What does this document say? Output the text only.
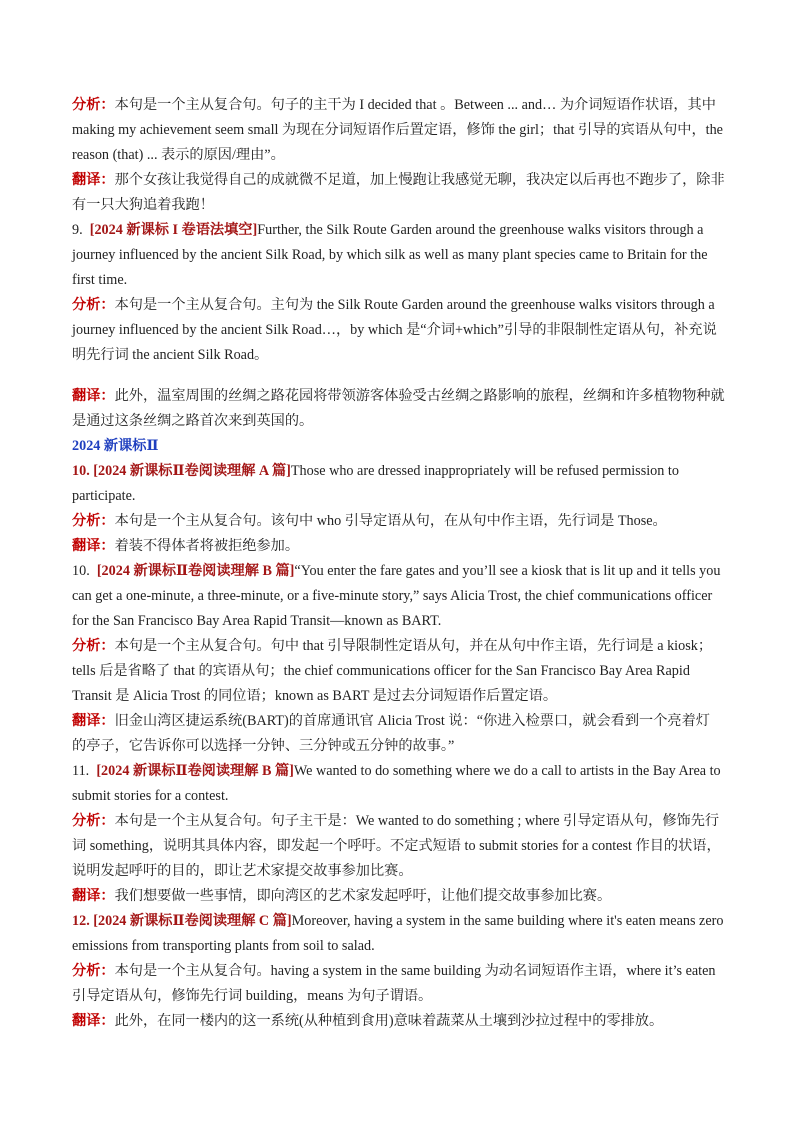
分析：本句是一个主从复合句。句子的主干为 I decided that 。Between ... and… 为介词短语作状语，其中
making my achievement seem small 为现在分词短语作后置定语，修饰 the girl；that 引导的宾语从句中，the
reason (that) ... 表示的原因/理由”。
翻译：那个女孩让我觉得自己的成就微不足道，加上慢跑让我感觉无聊，我决定以后再也不跑步了，除非
有一只大狗追着我跑！
9. [2024 新课标 I 卷语法填空]Further, the Silk Route Garden around the greenhouse walks visitors through a
journey influenced by the ancient Silk Road, by which silk as well as many plant species came to Britain for the
first time.
分析：本句是一个主从复合句。主句为 the Silk Route Garden around the greenhouse walks visitors through a
journey influenced by the ancient Silk Road…，by which 是“介词+which”引导的非限制性定语从句，补充说
明先行词 the ancient Silk Road。
翻译：此外，温室周围的丝绸之路花园将带领游客体验受古丝绸之路影响的旅程，丝绸和许多植物物种就
是通过这条丝绸之路首次来到英国的。
2024 新课标Ⅱ
10. [2024 新课标Ⅱ卷阅读理解 A 篇]Those who are dressed inappropriately will be refused permission to
participate.
分析：本句是一个主从复合句。该句中 who 引导定语从句，在从句中作主语，先行词是 Those。
翻译：着装不得体者将被拒绝参加。
10. [2024 新课标Ⅱ卷阅读理解 B 篇]“You enter the fare gates and you’ll see a kiosk that is lit up and it tells you
can get a one-minute, a three-minute, or a five-minute story,” says Alicia Trost, the chief communications officer
for the San Francisco Bay Area Rapid Transit—known as BART.
分析：本句是一个主从复合句。句中 that 引导限制性定语从句，并在从句中作主语，先行词是 a kiosk；
tells 后是省略了 that 的宾语从句；the chief communications officer for the San Francisco Bay Area Rapid
Transit 是 Alicia Trost 的同位语；known as BART 是过去分词短语作后置定语。
翻译：旧金山湾区捷运系统(BART)的首席通讯官 Alicia Trost 说：“你进入检票口，就会看到一个亮着灯
的亭子，它告诉你可以选择一分钟、三分钟或五分钟的故事。”
11. [2024 新课标Ⅱ卷阅读理解 B 篇]We wanted to do something where we do a call to artists in the Bay Area to
submit stories for a contest.
分析：本句是一个主从复合句。句子主干是：We wanted to do something ; where 引导定语从句，修饰先行
词 something，说明其具体内容，即发起一个呼吁。不定式短语 to submit stories for a contest 作目的状语，
说明发起呼吁的目的，即让艺术家提交故事参加比赛。
翻译：我们想要做一些事情，即向湾区的艺术家发起呼吁，让他们提交故事参加比赛。
12. [2024 新课标Ⅱ卷阅读理解 C 篇]Moreover, having a system in the same building where it's eaten means zero
emissions from transporting plants from soil to salad.
分析：本句是一个主从复合句。having a system in the same building 为动名词短语作主语，where it’s eaten
引导定语从句，修饰先行词 building，means 为句子谓语。
翻译：此外，在同一楼内的这一系统(从种植到食用)意味着蔬菜从土壤到沙拉过程中的零排放。
